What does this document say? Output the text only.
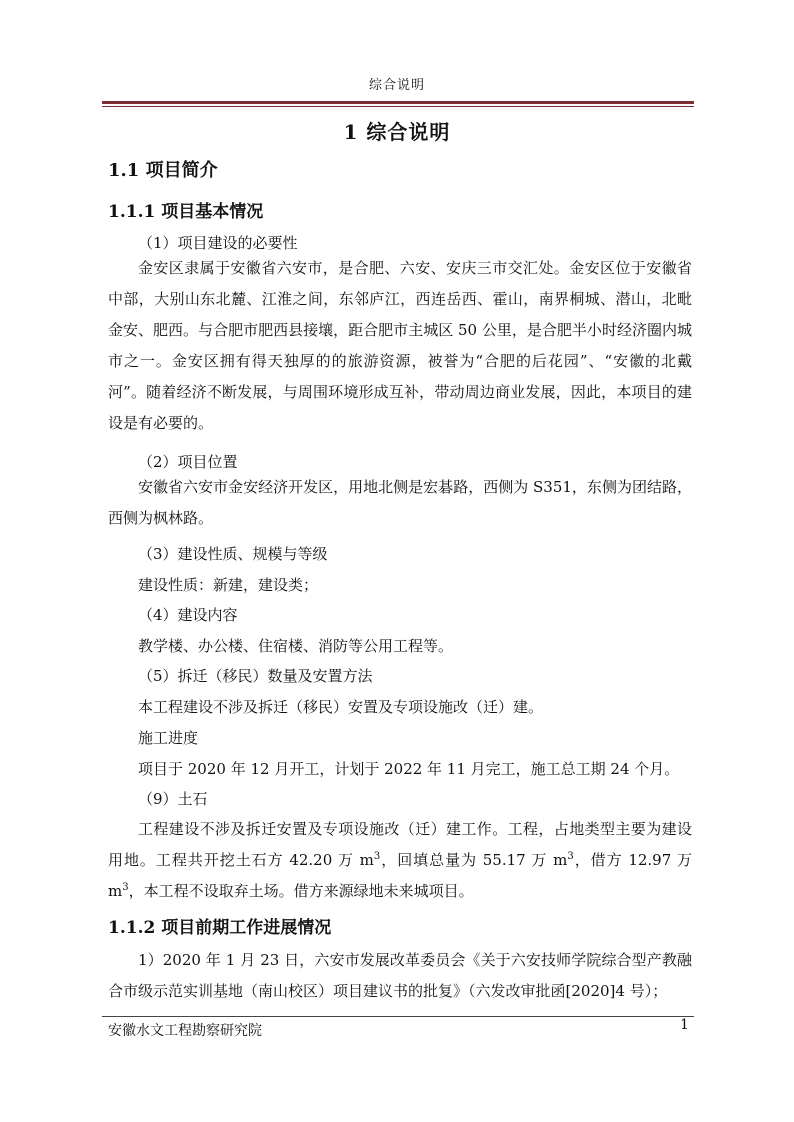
综合说明
1 综合说明
1.1 项目简介
1.1.1 项目基本情况
（1）项目建设的必要性
金安区隶属于安徽省六安市，是合肥、六安、安庆三市交汇处。金安区位于安徽省中部，大别山东北麓、江淮之间，东邻庐江，西连岳西、霍山，南界桐城、潜山，北毗金安、肥西。与合肥市肥西县接壤，距合肥市主城区 50 公里，是合肥半小时经济圈内城市之一。金安区拥有得天独厚的的旅游资源，被誉为“合肥的后花园”、“安徽的北戴河”。随着经济不断发展，与周围环境形成互补，带动周边商业发展，因此，本项目的建设是有必要的。
（2）项目位置
安徽省六安市金安经济开发区，用地北侧是宏碁路，西侧为 S351，东侧为团结路，西侧为枫林路。
（3）建设性质、规模与等级
建设性质：新建，建设类；
（4）建设内容
教学楼、办公楼、住宿楼、消防等公用工程等。
（5）拆迁（移民）数量及安置方法
本工程建设不涉及拆迁（移民）安置及专项设施改（迁）建。
施工进度
项目于 2020 年 12 月开工，计划于 2022 年 11 月完工，施工总工期 24 个月。
（9）土石
工程建设不涉及拆迁安置及专项设施改（迁）建工作。工程，占地类型主要为建设用地。工程共开挖土石方 42.20 万 $m^3$，回填总量为 55.17 万 $m^3$，借方 12.97 万 $m^3$，本工程不设取弃土场。借方来源绿地未来城项目。
1.1.2 项目前期工作进展情况
1）2020 年 1 月 23 日，六安市发展改革委员会《关于六安技师学院综合型产教融合市级示范实训基地（南山校区）项目建议书的批复》（六发改审批函[2020]4 号）；
安徽水文工程勘察研究院	1
